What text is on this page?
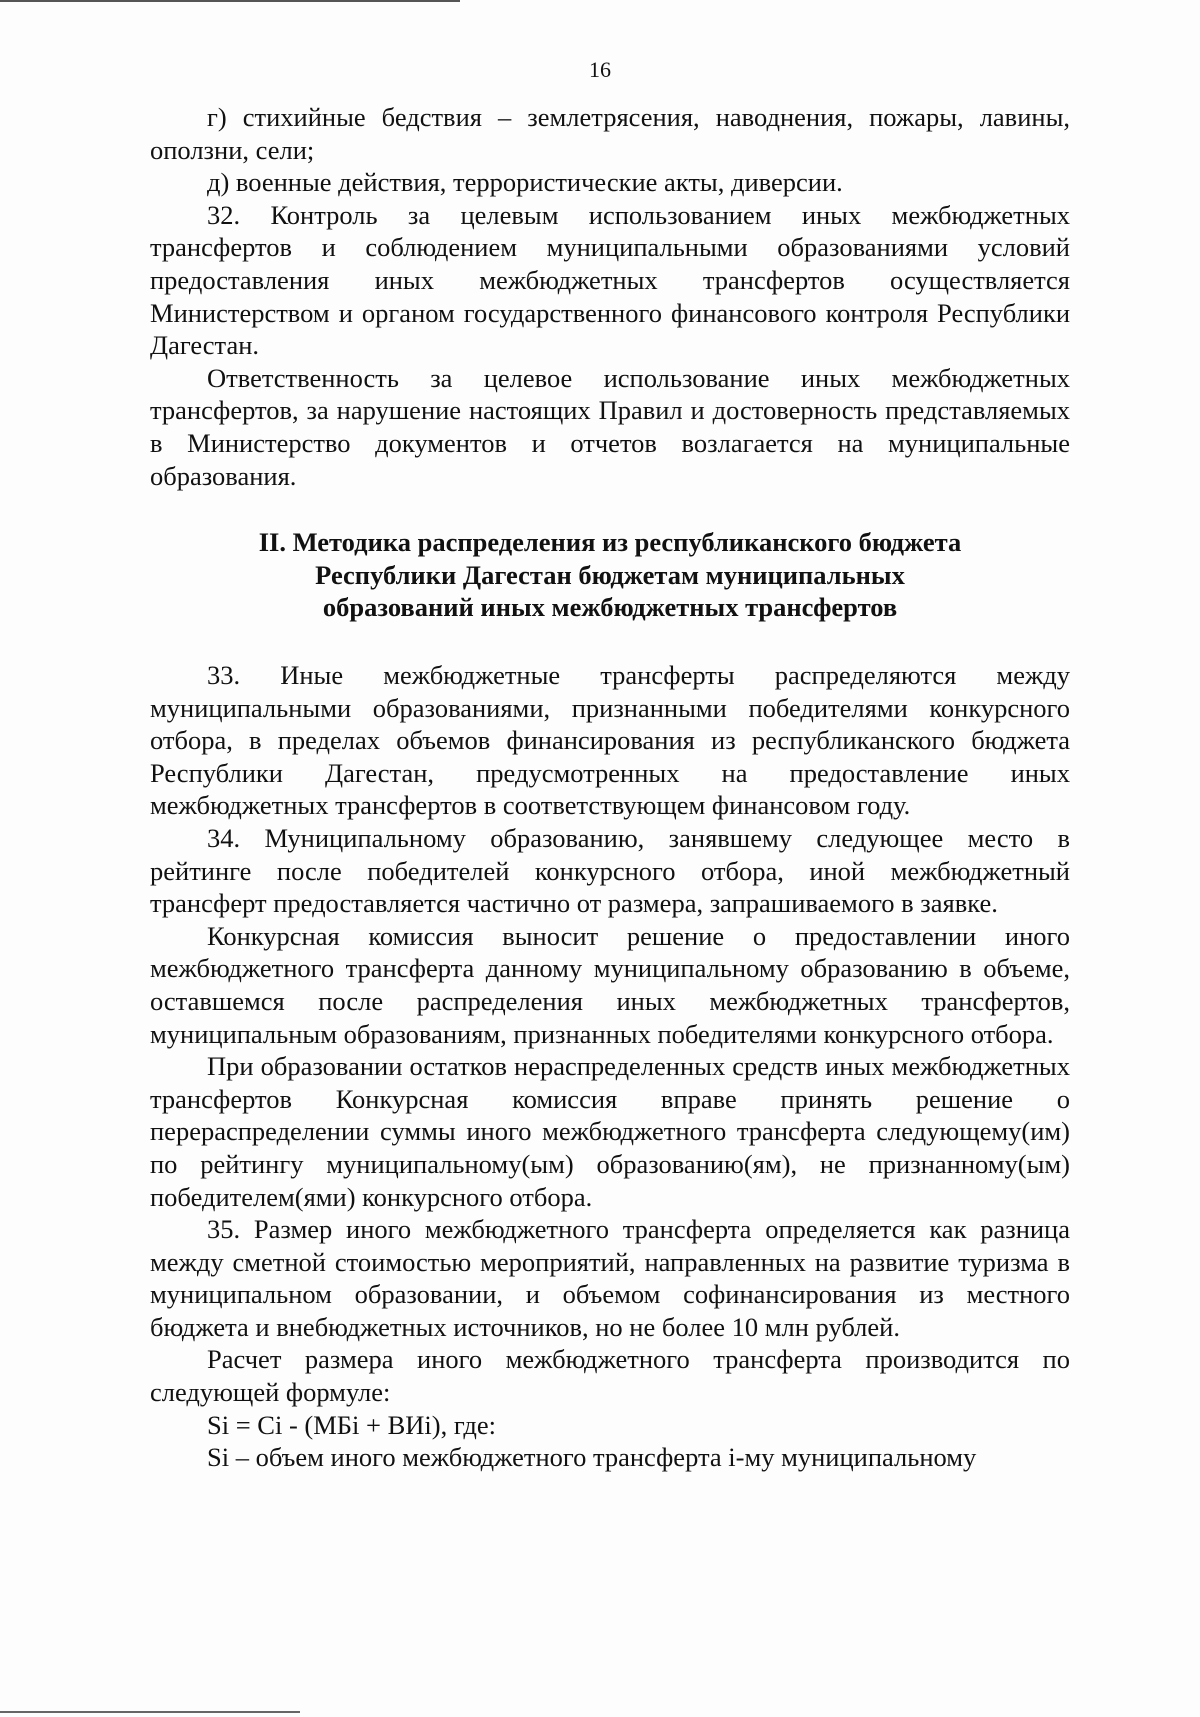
16

г) стихийные бедствия – землетрясения, наводнения, пожары, лавины, оползни, сели;

д) военные действия, террористические акты, диверсии.

32. Контроль за целевым использованием иных межбюджетных трансфертов и соблюдением муниципальными образованиями условий предоставления иных межбюджетных трансфертов осуществляется Министерством и органом государственного финансового контроля Республики Дагестан.

Ответственность за целевое использование иных межбюджетных трансфертов, за нарушение настоящих Правил и достоверность представляемых в Министерство документов и отчетов возлагается на муниципальные образования.

II. Методика распределения из республиканского бюджета
Республики Дагестан бюджетам муниципальных
образований иных межбюджетных трансфертов

33. Иные межбюджетные трансферты распределяются между муниципальными образованиями, признанными победителями конкурсного отбора, в пределах объемов финансирования из республиканского бюджета Республики Дагестан, предусмотренных на предоставление иных межбюджетных трансфертов в соответствующем финансовом году.

34. Муниципальному образованию, занявшему следующее место в рейтинге после победителей конкурсного отбора, иной межбюджетный трансферт предоставляется частично от размера, запрашиваемого в заявке.

Конкурсная комиссия выносит решение о предоставлении иного межбюджетного трансферта данному муниципальному образованию в объеме, оставшемся после распределения иных межбюджетных трансфертов, муниципальным образованиям, признанных победителями конкурсного отбора.

При образовании остатков нераспределенных средств иных межбюджетных трансфертов Конкурсная комиссия вправе принять решение о перераспределении суммы иного межбюджетного трансферта следующему(им) по рейтингу муниципальному(ым) образованию(ям), не признанному(ым) победителем(ями) конкурсного отбора.

35. Размер иного межбюджетного трансферта определяется как разница между сметной стоимостью мероприятий, направленных на развитие туризма в муниципальном образовании, и объемом софинансирования из местного бюджета и внебюджетных источников, но не более 10 млн рублей.

Расчет размера иного межбюджетного трансферта производится по следующей формуле:

Si = Ci - (МБi + ВИi), где:

Si – объем иного межбюджетного трансферта i-му муниципальному
